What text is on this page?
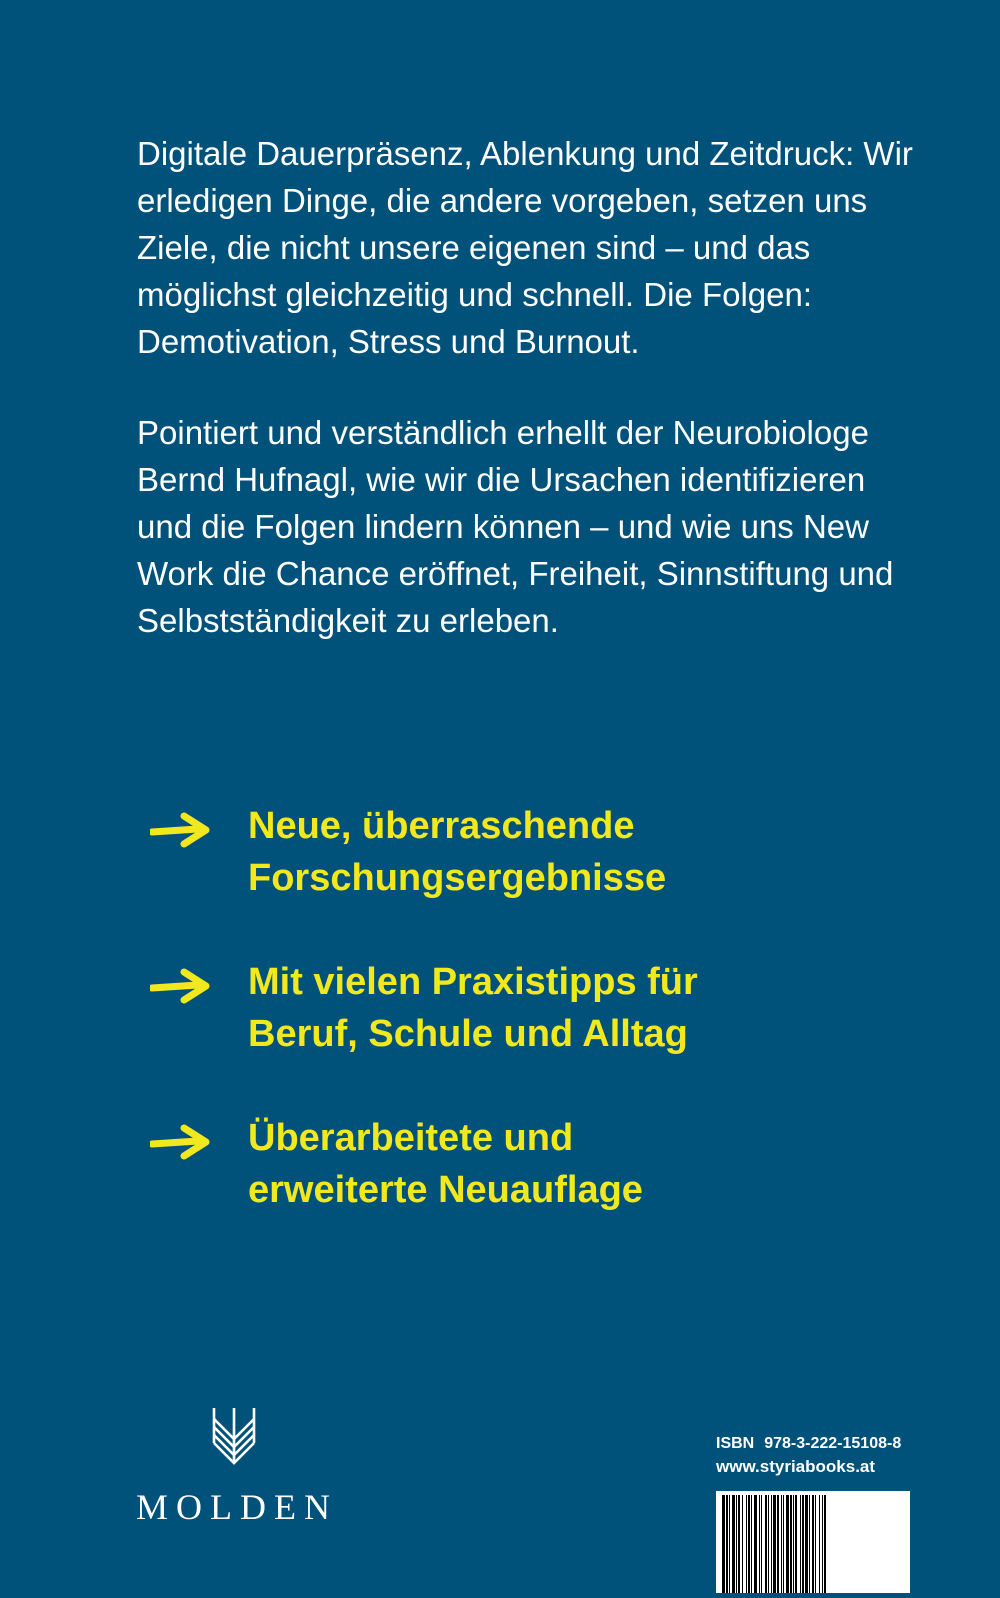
Digitale Dauerpräsenz, Ablenkung und Zeitdruck: Wir erledigen Dinge, die andere vorgeben, setzen uns Ziele, die nicht unsere eigenen sind – und das möglichst gleichzeitig und schnell. Die Folgen: Demotivation, Stress und Burnout.

Pointiert und verständlich erhellt der Neurobiologe Bernd Hufnagl, wie wir die Ursachen identifizieren und die Folgen lindern können – und wie uns New Work die Chance eröffnet, Freiheit, Sinnstiftung und Selbstständigkeit zu erleben.

Neue, überraschende
Forschungsergebnisse
Mit vielen Praxistipps für
Beruf, Schule und Alltag
Überarbeitete und
erweiterte Neuauflage
MOLDEN
ISBN 978-3-222-15108-8
www.styriabooks.at
